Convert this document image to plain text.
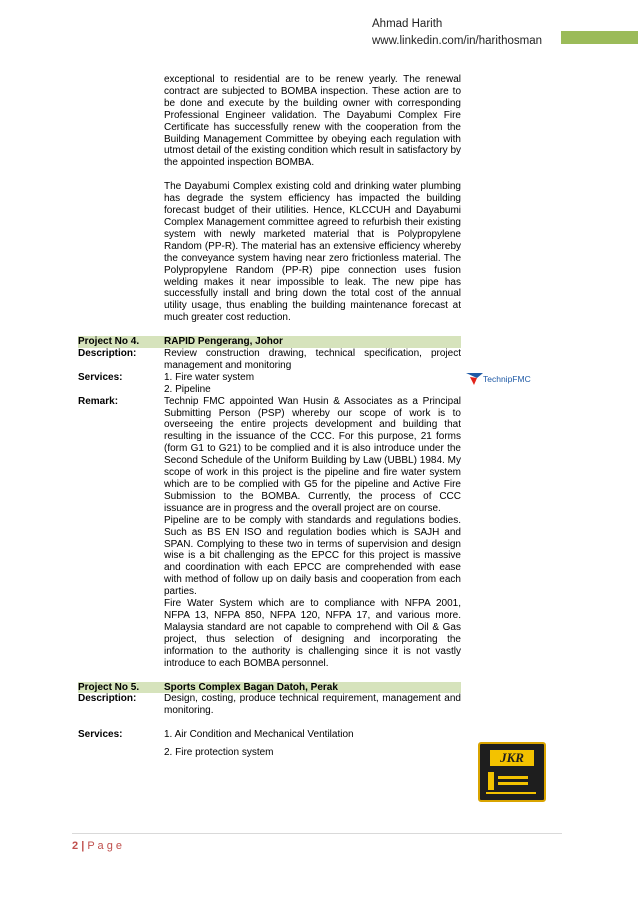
Ahmad Harith
www.linkedin.com/in/harithosman
exceptional to residential are to be renew yearly. The renewal contract are subjected to BOMBA inspection. These action are to be done and execute by the building owner with corresponding Professional Engineer validation. The Dayabumi Complex Fire Certificate has successfully renew with the cooperation from the Building Management Committee by obeying each regulation with utmost detail of the existing condition which result in satisfactory by the appointed inspection BOMBA.
The Dayabumi Complex existing cold and drinking water plumbing has degrade the system efficiency has impacted the building forecast budget of their utilities. Hence, KLCCUH and Dayabumi Complex Management committee agreed to refurbish their existing system with newly marketed material that is Polypropylene Random (PP-R). The material has an extensive efficiency whereby the conveyance system having near zero frictionless material. The Polypropylene Random (PP-R) pipe connection uses fusion welding makes it near impossible to leak. The new pipe has successfully install and bring down the total cost of the annual utility usage, thus enabling the building maintenance forecast at much greater cost reduction.
Project No 4.	RAPID Pengerang, Johor
Description:	Review construction drawing, technical specification, project management and monitoring
Services:	1. Fire water system
2. Pipeline
Remark:	Technip FMC appointed Wan Husin & Associates as a Principal Submitting Person (PSP) whereby our scope of work is to overseeing the entire projects development and building that resulting in the issuance of the CCC. For this purpose, 21 forms (form G1 to G21) to be complied and it is also introduce under the Second Schedule of the Uniform Building by Law (UBBL) 1984. My scope of work in this project is the pipeline and fire water system which are to be complied with G5 for the pipeline and Active Fire Submission to the BOMBA. Currently, the process of CCC issuance are in progress and the overall project are on course.
Pipeline are to be comply with standards and regulations bodies. Such as BS EN ISO and regulation bodies which is SAJH and SPAN. Complying to these two in terms of supervision and design wise is a bit challenging as the EPCC for this project is massive and coordination with each EPCC are comprehended with ease with method of follow up on daily basis and cooperation from each parties.
Fire Water System which are to compliance with NFPA 2001, NFPA 13, NFPA 850, NFPA 120, NFPA 17, and various more. Malaysia standard are not capable to comprehend with Oil & Gas project, thus selection of designing and incorporating the information to the authority is challenging since it is not vastly introduce to each BOMBA personnel.
Project No 5.	Sports Complex Bagan Datoh, Perak
Description:	Design, costing, produce technical requirement, management and monitoring.
Services:	1. Air Condition and Mechanical Ventilation
2. Fire protection system
TechnipFMC
JKR
2 | P a g e
